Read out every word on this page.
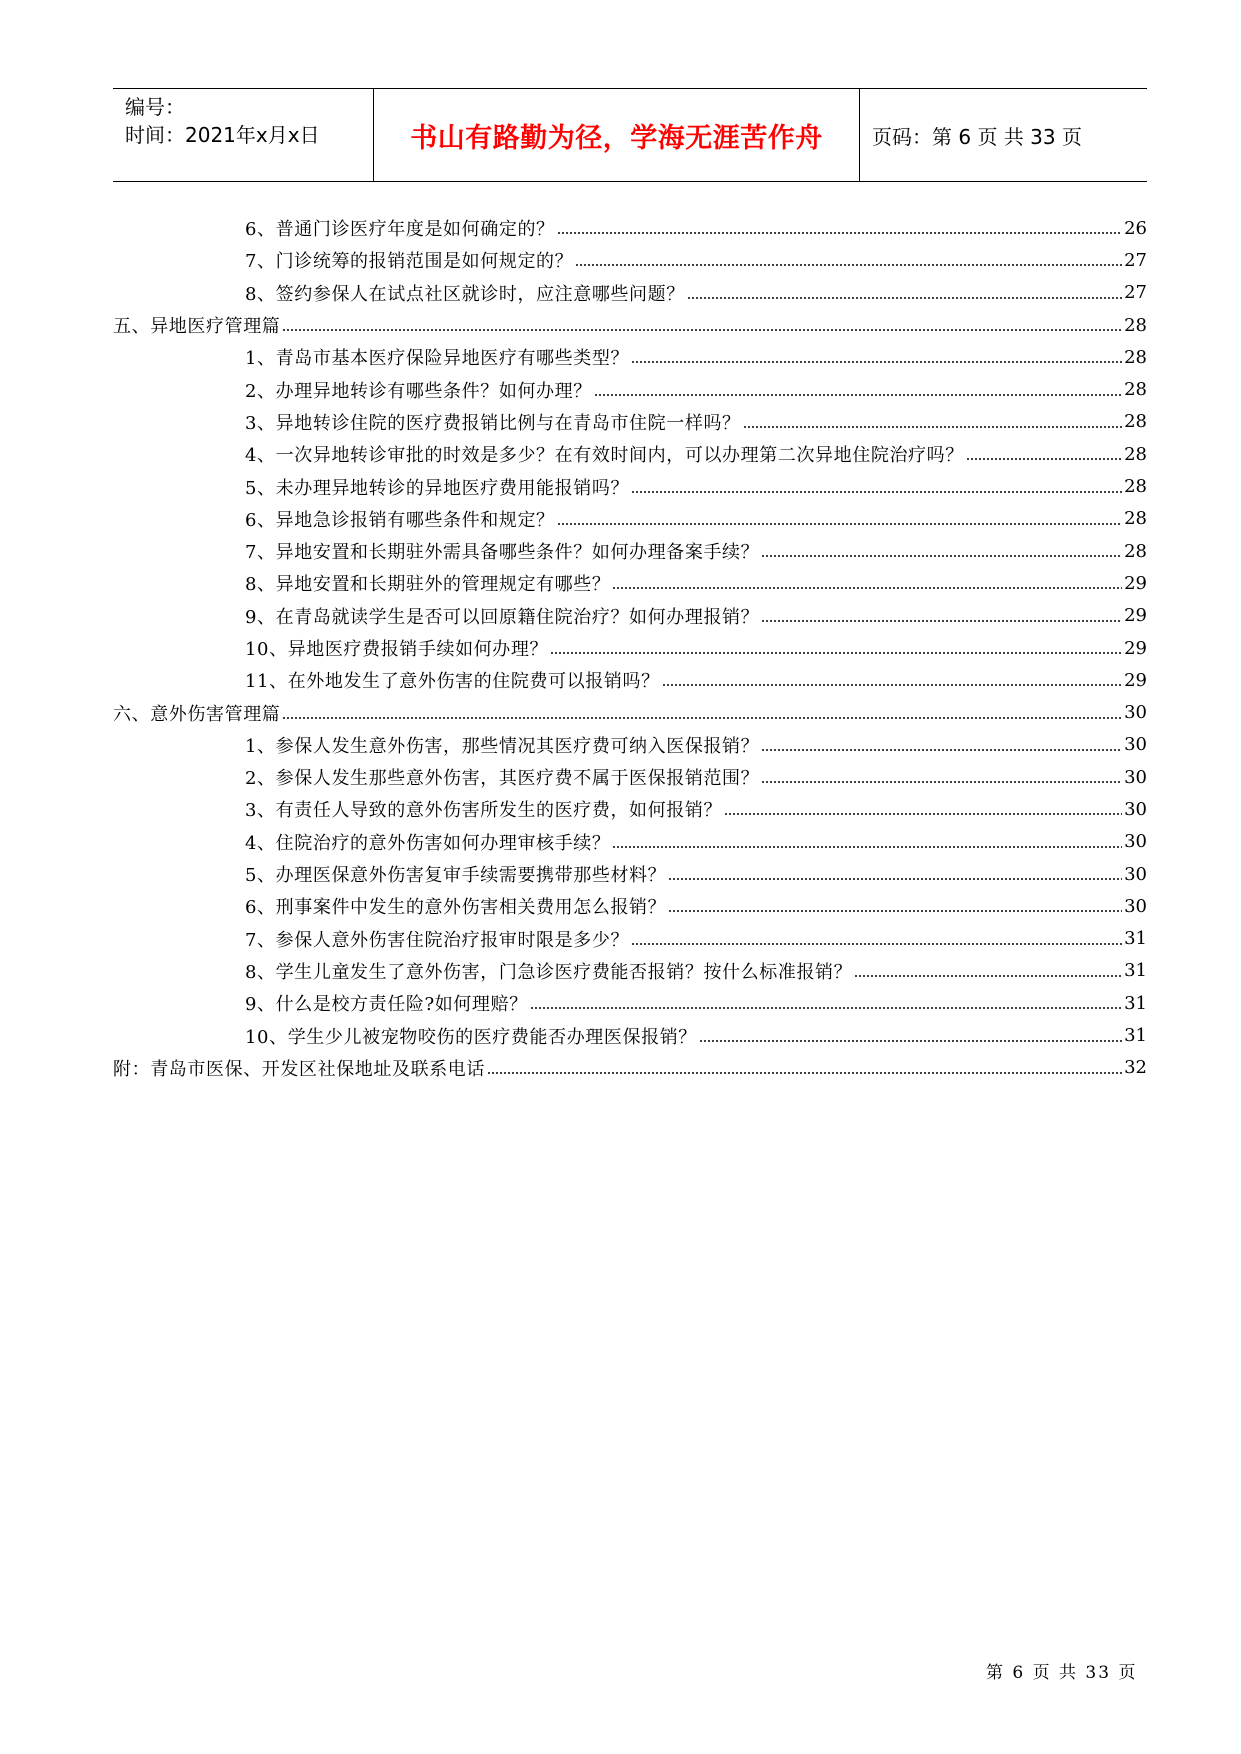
编号：
时间：2021年x月x日	书山有路勤为径，学海无涯苦作舟	页码：第 6 页 共 33 页
6、普通门诊医疗年度是如何确定的？	26
7、门诊统筹的报销范围是如何规定的？	27
8、签约参保人在试点社区就诊时，应注意哪些问题？	27
五、异地医疗管理篇	28
1、青岛市基本医疗保险异地医疗有哪些类型？	28
2、办理异地转诊有哪些条件？如何办理？	28
3、异地转诊住院的医疗费报销比例与在青岛市住院一样吗？	28
4、一次异地转诊审批的时效是多少？在有效时间内，可以办理第二次异地住院治疗吗？	28
5、未办理异地转诊的异地医疗费用能报销吗？	28
6、异地急诊报销有哪些条件和规定？	28
7、异地安置和长期驻外需具备哪些条件？如何办理备案手续？	28
8、异地安置和长期驻外的管理规定有哪些？	29
9、在青岛就读学生是否可以回原籍住院治疗？如何办理报销？	29
10、异地医疗费报销手续如何办理？	29
11、在外地发生了意外伤害的住院费可以报销吗？	29
六、意外伤害管理篇	30
1、参保人发生意外伤害，那些情况其医疗费可纳入医保报销？	30
2、参保人发生那些意外伤害，其医疗费不属于医保报销范围？	30
3、有责任人导致的意外伤害所发生的医疗费，如何报销？	30
4、住院治疗的意外伤害如何办理审核手续？	30
5、办理医保意外伤害复审手续需要携带那些材料？	30
6、刑事案件中发生的意外伤害相关费用怎么报销？	30
7、参保人意外伤害住院治疗报审时限是多少？	31
8、学生儿童发生了意外伤害，门急诊医疗费能否报销？按什么标准报销？	31
9、什么是校方责任险?如何理赔？	31
10、学生少儿被宠物咬伤的医疗费能否办理医保报销？	31
附：青岛市医保、开发区社保地址及联系电话	32
第 6 页 共 33 页
